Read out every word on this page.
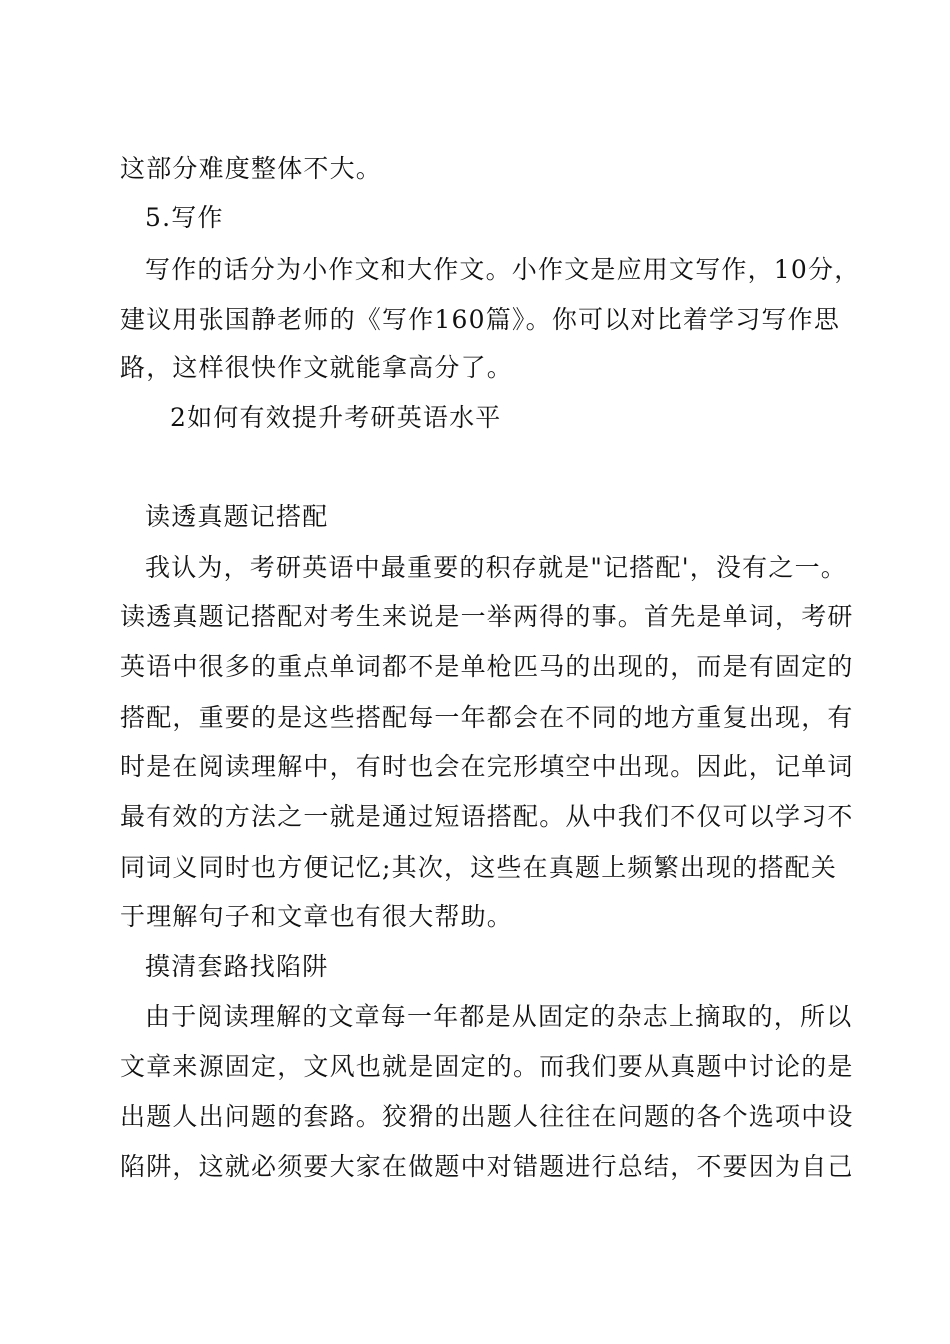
这部分难度整体不大。
5.写作
写作的话分为小作文和大作文。小作文是应用文写作，10分，
建议用张国静老师的《写作160篇》。你可以对比着学习写作思
路，这样很快作文就能拿高分了。
2如何有效提升考研英语水平
读透真题记搭配
我认为，考研英语中最重要的积存就是"记搭配'，没有之一。
读透真题记搭配对考生来说是一举两得的事。首先是单词，考研
英语中很多的重点单词都不是单枪匹马的出现的，而是有固定的
搭配，重要的是这些搭配每一年都会在不同的地方重复出现，有
时是在阅读理解中，有时也会在完形填空中出现。因此，记单词
最有效的方法之一就是通过短语搭配。从中我们不仅可以学习不
同词义同时也方便记忆;其次，这些在真题上频繁出现的搭配关
于理解句子和文章也有很大帮助。
摸清套路找陷阱
由于阅读理解的文章每一年都是从固定的杂志上摘取的，所以
文章来源固定，文风也就是固定的。而我们要从真题中讨论的是
出题人出问题的套路。狡猾的出题人往往在问题的各个选项中设
陷阱，这就必须要大家在做题中对错题进行总结，不要因为自己
